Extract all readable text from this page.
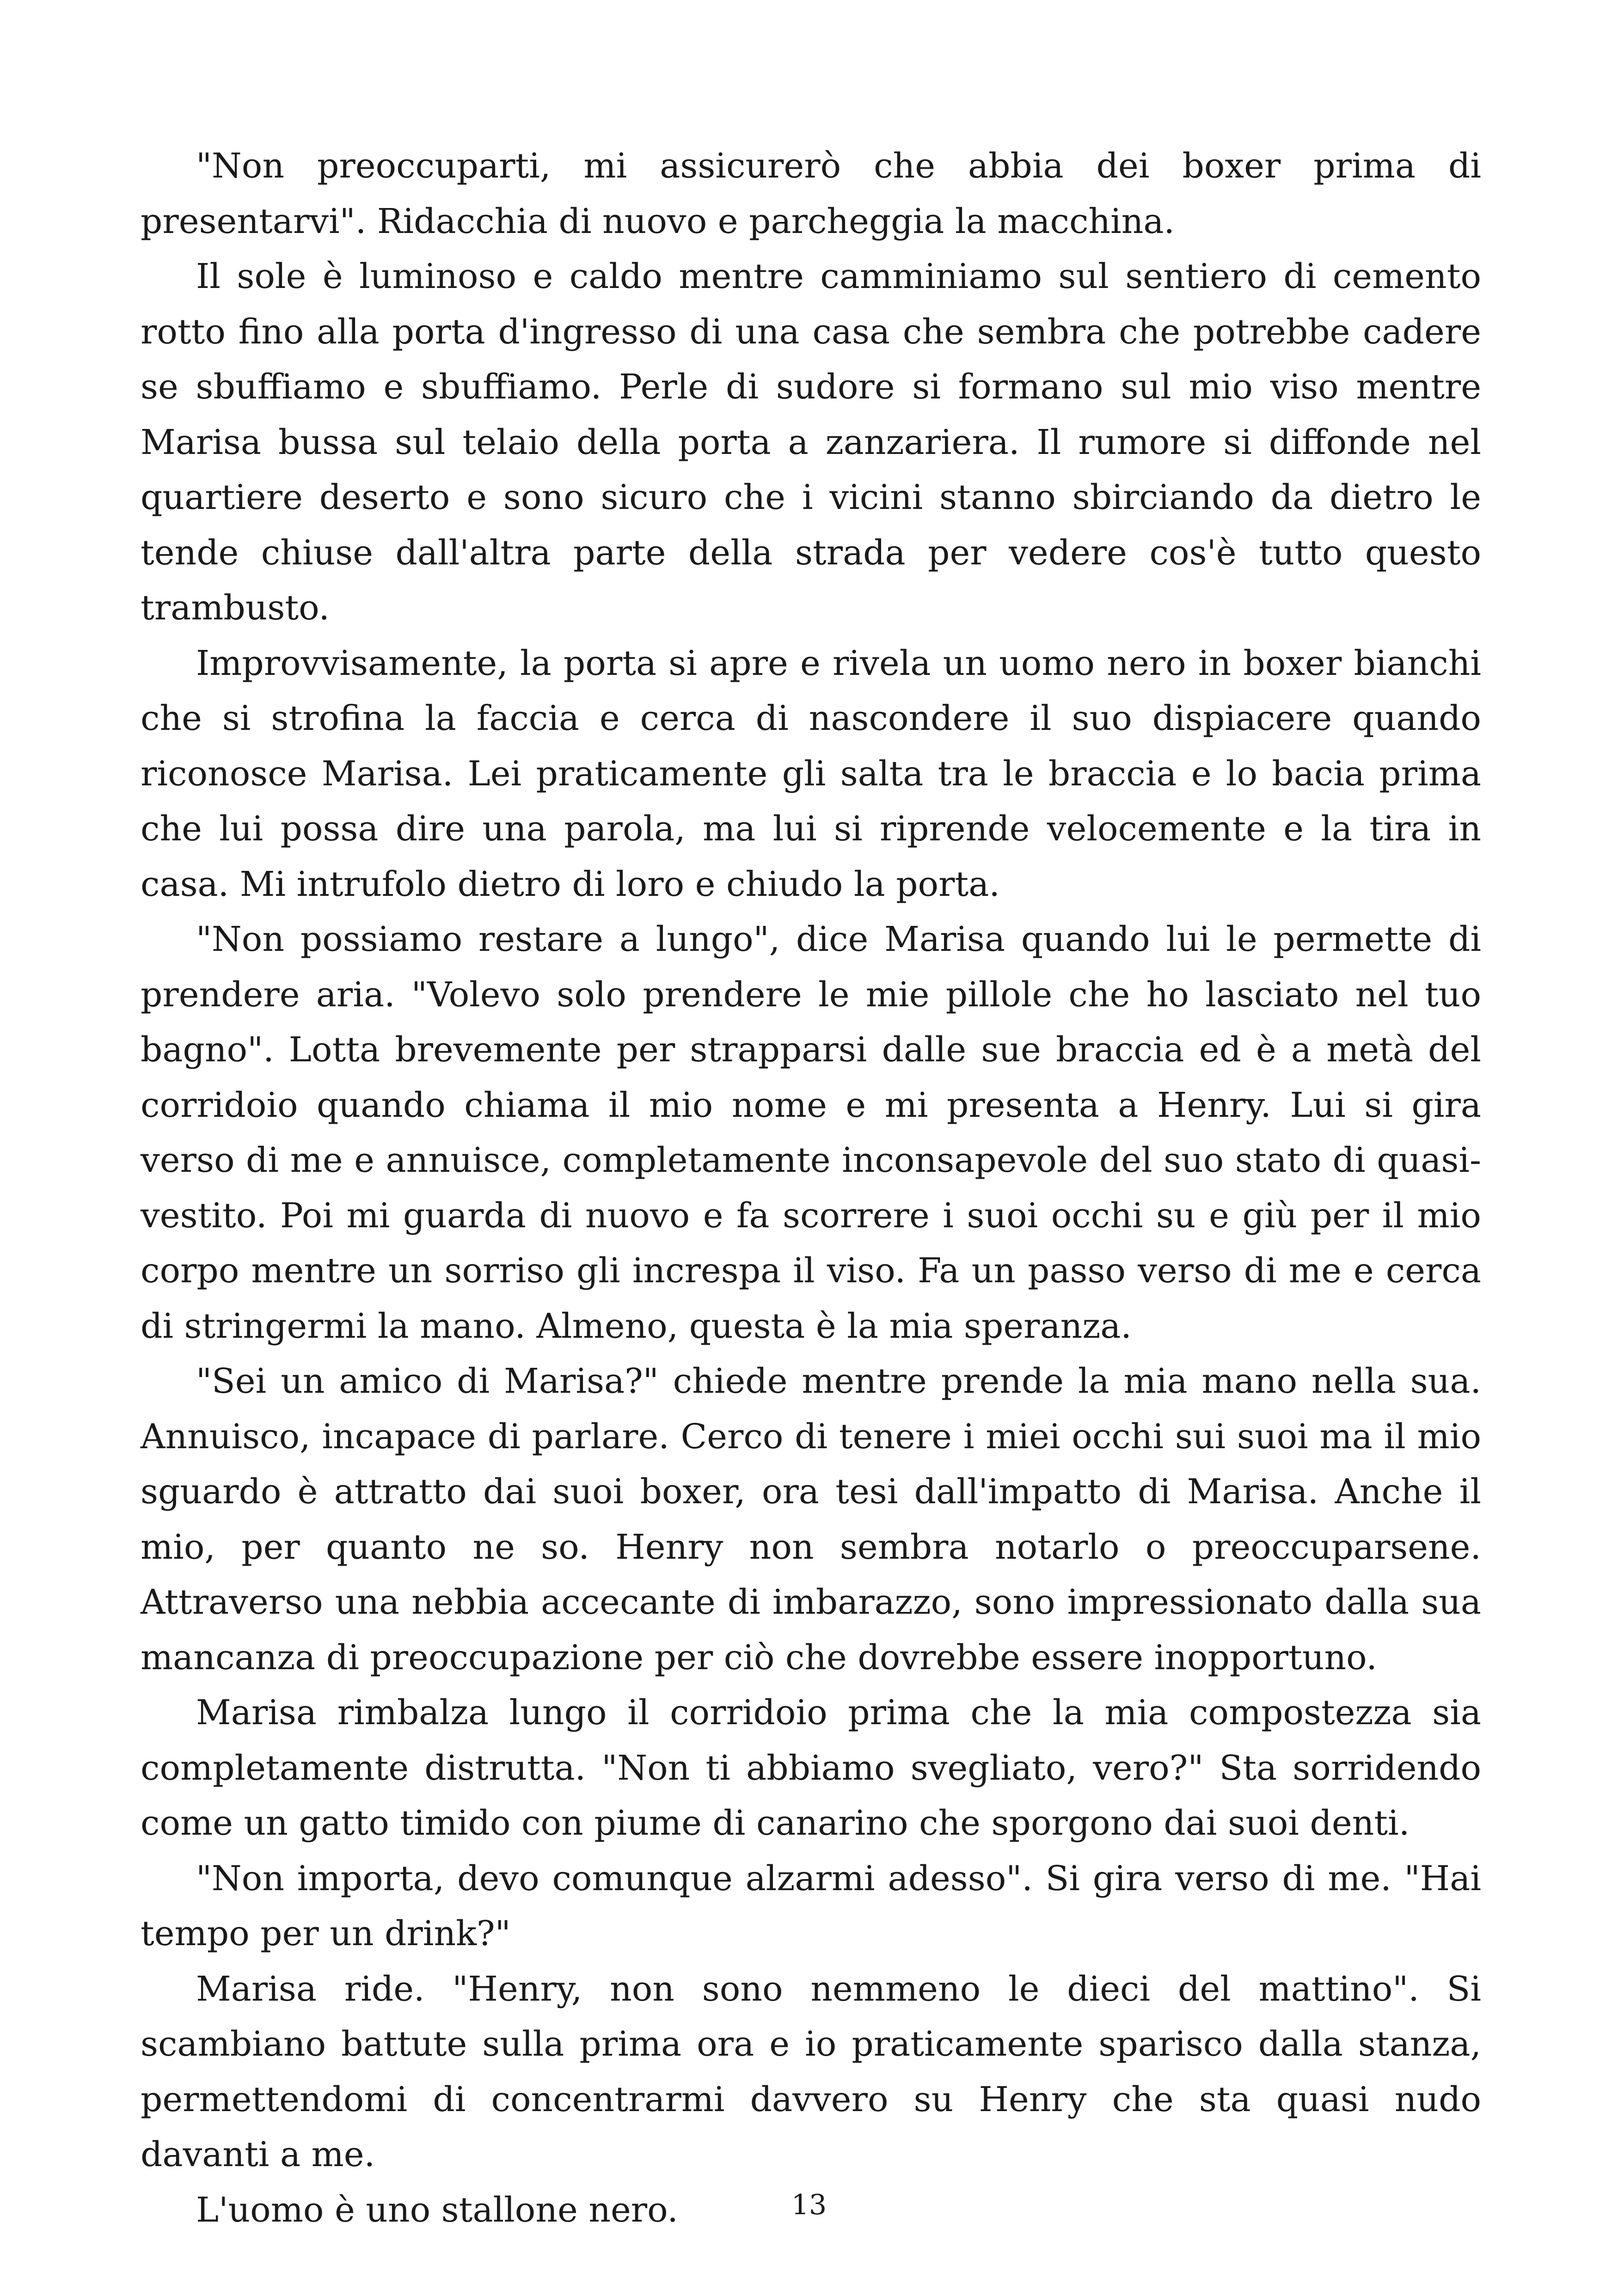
"Non preoccuparti, mi assicurerò che abbia dei boxer prima di presentarvi". Ridacchia di nuovo e parcheggia la macchina.

Il sole è luminoso e caldo mentre camminiamo sul sentiero di cemento rotto fino alla porta d'ingresso di una casa che sembra che potrebbe cadere se sbuffiamo e sbuffiamo. Perle di sudore si formano sul mio viso mentre Marisa bussa sul telaio della porta a zanzariera. Il rumore si diffonde nel quartiere deserto e sono sicuro che i vicini stanno sbirciando da dietro le tende chiuse dall'altra parte della strada per vedere cos'è tutto questo trambusto.

Improvvisamente, la porta si apre e rivela un uomo nero in boxer bianchi che si strofina la faccia e cerca di nascondere il suo dispiacere quando riconosce Marisa. Lei praticamente gli salta tra le braccia e lo bacia prima che lui possa dire una parola, ma lui si riprende velocemente e la tira in casa. Mi intrufolo dietro di loro e chiudo la porta.

"Non possiamo restare a lungo", dice Marisa quando lui le permette di prendere aria. "Volevo solo prendere le mie pillole che ho lasciato nel tuo bagno". Lotta brevemente per strapparsi dalle sue braccia ed è a metà del corridoio quando chiama il mio nome e mi presenta a Henry. Lui si gira verso di me e annuisce, completamente inconsapevole del suo stato di quasi-vestito. Poi mi guarda di nuovo e fa scorrere i suoi occhi su e giù per il mio corpo mentre un sorriso gli increspa il viso. Fa un passo verso di me e cerca di stringermi la mano. Almeno, questa è la mia speranza.

"Sei un amico di Marisa?" chiede mentre prende la mia mano nella sua. Annuisco, incapace di parlare. Cerco di tenere i miei occhi sui suoi ma il mio sguardo è attratto dai suoi boxer, ora tesi dall'impatto di Marisa. Anche il mio, per quanto ne so. Henry non sembra notarlo o preoccuparsene. Attraverso una nebbia accecante di imbarazzo, sono impressionato dalla sua mancanza di preoccupazione per ciò che dovrebbe essere inopportuno.

Marisa rimbalza lungo il corridoio prima che la mia compostezza sia completamente distrutta. "Non ti abbiamo svegliato, vero?" Sta sorridendo come un gatto timido con piume di canarino che sporgono dai suoi denti.

"Non importa, devo comunque alzarmi adesso". Si gira verso di me. "Hai tempo per un drink?"

Marisa ride. "Henry, non sono nemmeno le dieci del mattino". Si scambiano battute sulla prima ora e io praticamente sparisco dalla stanza, permettendomi di concentrarmi davvero su Henry che sta quasi nudo davanti a me.

L'uomo è uno stallone nero.	13
